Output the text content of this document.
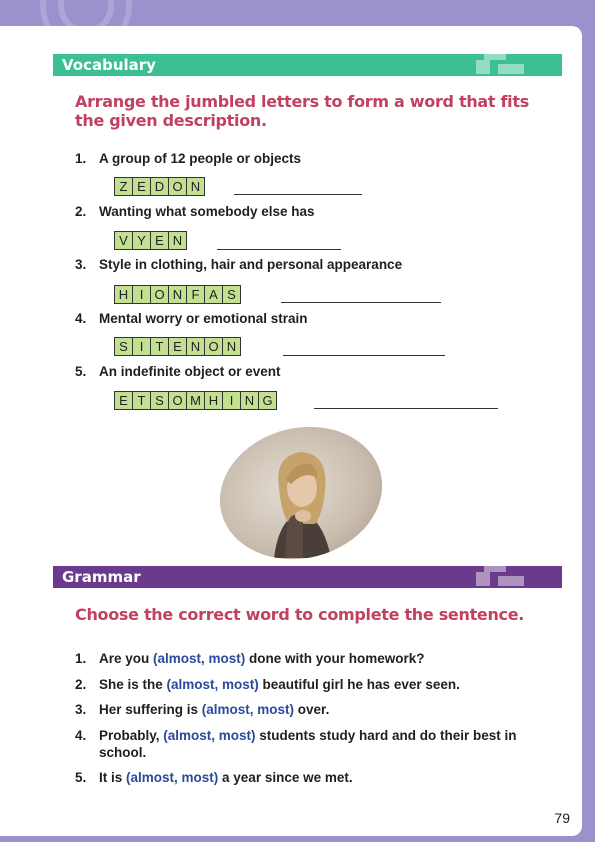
Vocabulary
Arrange the jumbled letters to form a word that fits the given description.
1. A group of 12 people or objects
Z E D O N
2. Wanting what somebody else has
V Y E N
3. Style in clothing, hair and personal appearance
H I O N F A S
4. Mental worry or emotional strain
S I T E N O N
5. An indefinite object or event
E T S O M H I N G
Grammar
Choose the correct word to complete the sentence.
1. Are you (almost, most) done with your homework?
2. She is the (almost, most) beautiful girl he has ever seen.
3. Her suffering is (almost, most) over.
4. Probably, (almost, most) students study hard and do their best in school.
5. It is (almost, most) a year since we met.
79
